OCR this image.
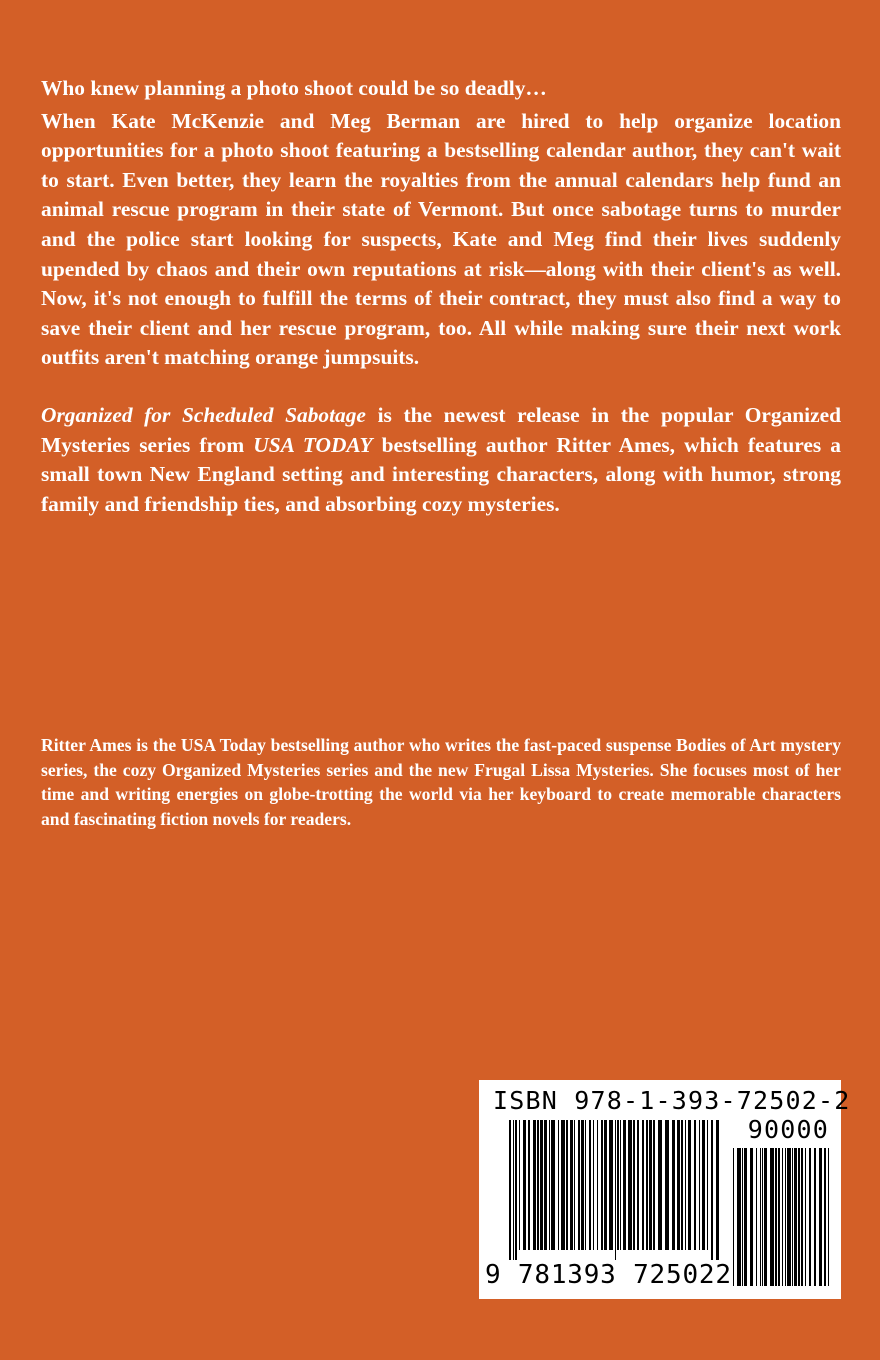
Who knew planning a photo shoot could be so deadly…

When Kate McKenzie and Meg Berman are hired to help organize location opportunities for a photo shoot featuring a bestselling calendar author, they can't wait to start. Even better, they learn the royalties from the annual calendars help fund an animal rescue program in their state of Vermont. But once sabotage turns to murder and the police start looking for suspects, Kate and Meg find their lives suddenly upended by chaos and their own reputations at risk—along with their client's as well. Now, it's not enough to fulfill the terms of their contract, they must also find a way to save their client and her rescue program, too. All while making sure their next work outfits aren't matching orange jumpsuits.

Organized for Scheduled Sabotage is the newest release in the popular Organized Mysteries series from USA TODAY bestselling author Ritter Ames, which features a small town New England setting and interesting characters, along with humor, strong family and friendship ties, and absorbing cozy mysteries.

Ritter Ames is the USA Today bestselling author who writes the fast-paced suspense Bodies of Art mystery series, the cozy Organized Mysteries series and the new Frugal Lissa Mysteries. She focuses most of her time and writing energies on globe-trotting the world via her keyboard to create memorable characters and fascinating fiction novels for readers.

ISBN 978-1-393-72502-2
90000
9 781393 725022
